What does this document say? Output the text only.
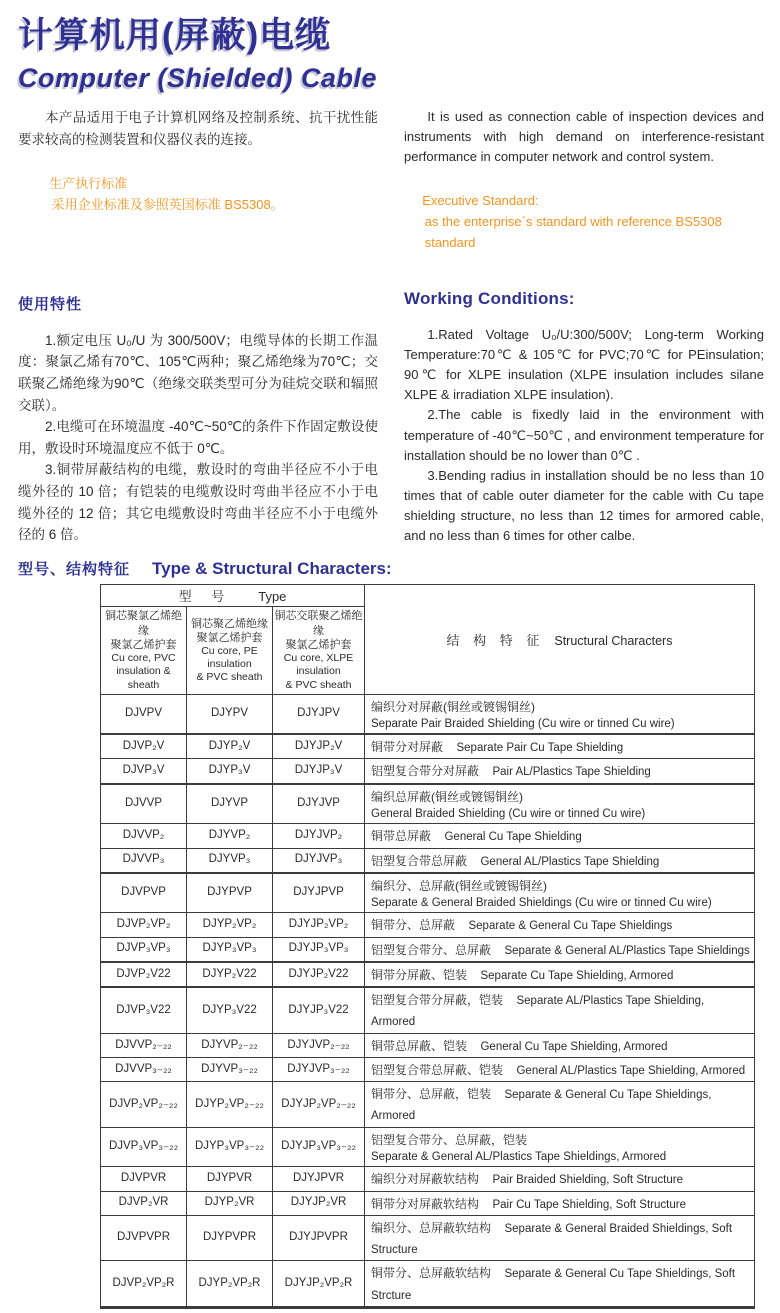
计算机用(屏蔽)电缆
Computer (Shielded) Cable

本产品适用于电子计算机网络及控制系统、抗干扰性能要求较高的检测装置和仪器仪表的连接。

生产执行标准
采用企业标准及参照英国标准 BS5308。

It is used as connection cable of inspection devices and instruments with high demand on interference-resistant performance in computer network and control system.

Executive Standard:
as the enterprise`s standard with reference BS5308 standard
使用特性

1.额定电压 U₀/U 为 300/500V；电缆导体的长期工作温度：聚氯乙烯有70℃、105℃两种；聚乙烯绝缘为70℃；交联聚乙烯绝缘为90℃（绝缘交联类型可分为硅烷交联和辐照交联）。

2.电缆可在环境温度 -40℃~50℃的条件下作固定敷设使用，敷设时环境温度应不低于 0℃。

3.铜带屏蔽结构的电缆，敷设时的弯曲半径应不小于电缆外径的 10 倍；有铠装的电缆敷设时弯曲半径应不小于电缆外径的 12 倍；其它电缆敷设时弯曲半径应不小于电缆外径的 6 倍。

Working Conditions:

1.Rated Voltage U₀/U:300/500V; Long-term Working Temperature:70℃ & 105℃ for PVC;70℃ for PEinsulation; 90℃ for XLPE insulation (XLPE insulation includes silane XLPE & irradiation XLPE insulation).

2.The cable is fixedly laid in the environment with temperature of -40℃~50℃ , and environment temperature for installation should be no lower than 0℃ .

3.Bending radius in installation should be no less than 10 times that of cable outer diameter for the cable with Cu tape shielding structure, no less than 12 times for armored cable, and no less than 6 times for other calbe.

型号、结构特征 Type & Structural Characters:
型 号 Type			结 构 特 征 Structural Characters

铜芯聚氯乙烯绝缘
聚氯乙烯护套
Cu core, PVC
insulation & sheath	铜芯聚乙烯绝缘
聚氯乙烯护套
Cu core, PE insulation
& PVC sheath	铜芯交联聚乙烯绝缘
聚氯乙烯护套
Cu core, XLPE insulation
& PVC sheath	

DJVPV	DJYPV	DJYJPV	编织分对屏蔽(铜丝或镀锡铜丝)
Separate Pair Braided Shielding (Cu wire or tinned Cu wire)

DJVP₂V	DJYP₂V	DJYJP₂V	铜带分对屏蔽 Separate Pair Cu Tape Shielding
DJVP₃V	DJYP₃V	DJYJP₃V	铝塑复合带分对屏蔽 Pair AL/Plastics Tape Shielding
DJVVP	DJYVP	DJYJVP	编织总屏蔽(铜丝或镀锡铜丝)
General Braided Shielding (Cu wire or tinned Cu wire)

DJVVP₂	DJYVP₂	DJYJVP₂	铜带总屏蔽 General Cu Tape Shielding
DJVVP₃	DJYVP₃	DJYJVP₃	铝塑复合带总屏蔽 General AL/Plastics Tape Shielding
DJVPVP	DJYPVP	DJYJPVP	编织分、总屏蔽(铜丝或镀锡铜丝)
Separate & General Braided Shieldings (Cu wire or tinned Cu wire)

DJVP₂VP₂	DJYP₂VP₂	DJYJP₂VP₂	铜带分、总屏蔽 Separate & General Cu Tape Shieldings
DJVP₃VP₃	DJYP₃VP₃	DJYJP₃VP₃	铝塑复合带分、总屏蔽 Separate & General AL/Plastics Tape Shieldings
DJVP₂V22	DJYP₂V22	DJYJP₂V22	铜带分屏蔽、铠装 Separate Cu Tape Shielding, Armored
DJVP₃V22	DJYP₃V22	DJYJP₃V22	铝塑复合带分屏蔽，铠装 Separate AL/Plastics Tape Shielding, Armored
DJVVP₂₋₂₂	DJYVP₂₋₂₂	DJYJVP₂₋₂₂	铜带总屏蔽、铠装 General Cu Tape Shielding, Armored
DJVVP₃₋₂₂	DJYVP₃₋₂₂	DJYJVP₃₋₂₂	铝塑复合带总屏蔽、铠装 General AL/Plastics Tape Shielding, Armored
DJVP₂VP₂₋₂₂	DJYP₂VP₂₋₂₂	DJYJP₂VP₂₋₂₂	铜带分、总屏蔽，铠装 Separate & General Cu Tape Shieldings, Armored
DJVP₃VP₃₋₂₂	DJYP₃VP₃₋₂₂	DJYJP₃VP₃₋₂₂	铝塑复合带分、总屏蔽，铠装
Separate & General AL/Plastics Tape Shieldings, Armored

DJVPVR	DJYPVR	DJYJPVR	编织分对屏蔽软结构 Pair Braided Shielding, Soft Structure
DJVP₂VR	DJYP₂VR	DJYJP₂VR	铜带分对屏蔽软结构 Pair Cu Tape Shielding, Soft Structure
DJVPVPR	DJYPVPR	DJYJPVPR	编织分、总屏蔽软结构 Separate & General Braided Shieldings, Soft Structure
DJVP₂VP₂R	DJYP₂VP₂R	DJYJP₂VP₂R	铜带分、总屏蔽软结构 Separate & General Cu Tape Shieldings, Soft Strcture
